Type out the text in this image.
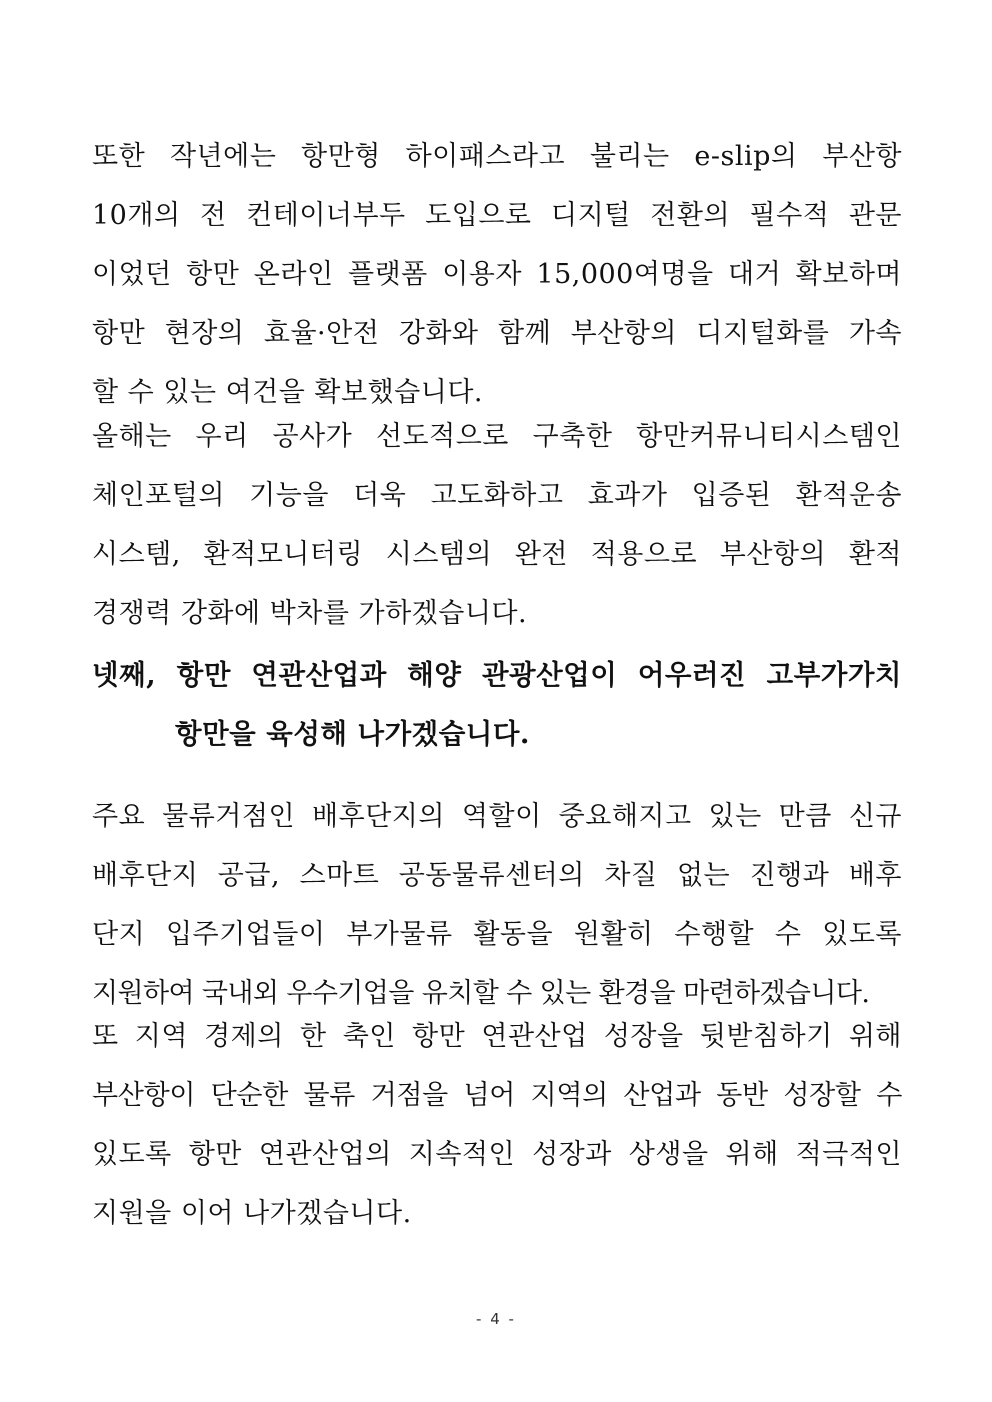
또한 작년에는 항만형 하이패스라고 불리는 e-slip의 부산항
10개의 전 컨테이너부두 도입으로 디지털 전환의 필수적 관문
이었던 항만 온라인 플랫폼 이용자 15,000여명을 대거 확보하며
항만 현장의 효율·안전 강화와 함께 부산항의 디지털화를 가속
할 수 있는 여건을 확보했습니다.
올해는 우리 공사가 선도적으로 구축한 항만커뮤니티시스템인
체인포털의 기능을 더욱 고도화하고 효과가 입증된 환적운송
시스템, 환적모니터링 시스템의 완전 적용으로 부산항의 환적
경쟁력 강화에 박차를 가하겠습니다.
넷째, 항만 연관산업과 해양 관광산업이 어우러진 고부가가치
항만을 육성해 나가겠습니다.
주요 물류거점인 배후단지의 역할이 중요해지고 있는 만큼 신규
배후단지 공급, 스마트 공동물류센터의 차질 없는 진행과 배후
단지 입주기업들이 부가물류 활동을 원활히 수행할 수 있도록
지원하여 국내외 우수기업을 유치할 수 있는 환경을 마련하겠습니다.
또 지역 경제의 한 축인 항만 연관산업 성장을 뒷받침하기 위해
부산항이 단순한 물류 거점을 넘어 지역의 산업과 동반 성장할 수
있도록 항만 연관산업의 지속적인 성장과 상생을 위해 적극적인
지원을 이어 나가겠습니다.
- 4 -
